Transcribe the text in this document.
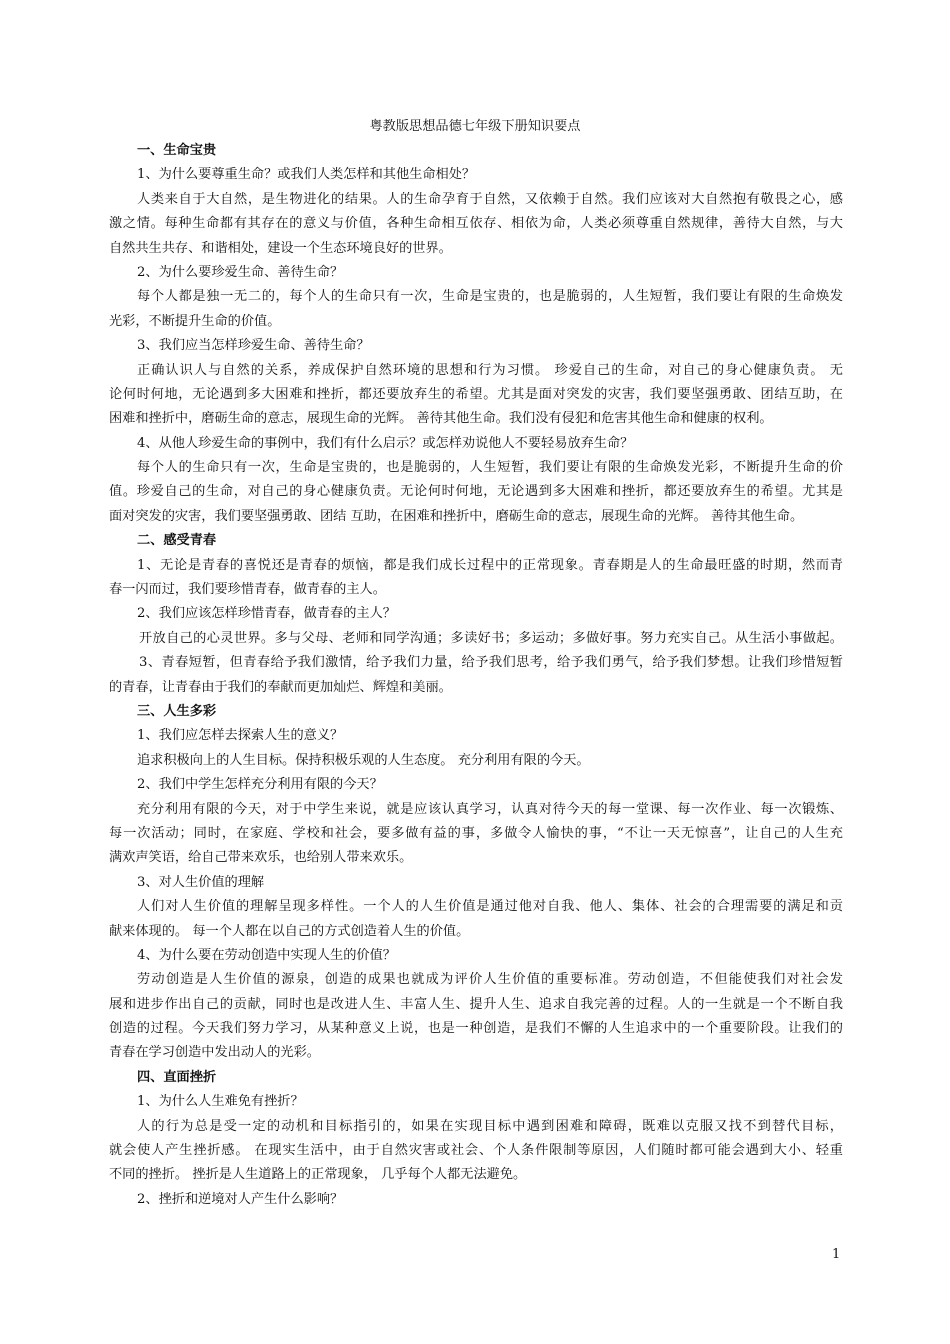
粤教版思想品德七年级下册知识要点
一、生命宝贵
1、为什么要尊重生命？或我们人类怎样和其他生命相处？
人类来自于大自然，是生物进化的结果。人的生命孕育于自然，又依赖于自然。我们应该对大自然抱有敬畏之心，感
激之情。每种生命都有其存在的意义与价值，各种生命相互依存、相依为命，人类必须尊重自然规律，善待大自然，与大
自然共生共存、和谐相处，建设一个生态环境良好的世界。
2、为什么要珍爱生命、善待生命？
每个人都是独一无二的，每个人的生命只有一次，生命是宝贵的，也是脆弱的，人生短暂，我们要让有限的生命焕发
光彩，不断提升生命的价值。
3、我们应当怎样珍爱生命、善待生命？
正确认识人与自然的关系，养成保护自然环境的思想和行为习惯。 珍爱自己的生命，对自己的身心健康负责。 无
论何时何地，无论遇到多大困难和挫折，都还要放弃生的希望。尤其是面对突发的灾害，我们要坚强勇敢、团结互助，在
困难和挫折中，磨砺生命的意志，展现生命的光辉。 善待其他生命。我们没有侵犯和危害其他生命和健康的权利。
4、从他人珍爱生命的事例中，我们有什么启示？或怎样劝说他人不要轻易放弃生命？
每个人的生命只有一次，生命是宝贵的，也是脆弱的，人生短暂，我们要让有限的生命焕发光彩，不断提升生命的价
值。珍爱自己的生命，对自己的身心健康负责。无论何时何地，无论遇到多大困难和挫折，都还要放弃生的希望。尤其是
面对突发的灾害，我们要坚强勇敢、团结 互助，在困难和挫折中，磨砺生命的意志，展现生命的光辉。 善待其他生命。
二、感受青春
1、无论是青春的喜悦还是青春的烦恼，都是我们成长过程中的正常现象。青春期是人的生命最旺盛的时期，然而青
春一闪而过，我们要珍惜青春，做青春的主人。
2、我们应该怎样珍惜青春，做青春的主人？
开放自己的心灵世界。多与父母、老师和同学沟通；多读好书；多运动；多做好事。努力充实自己。从生活小事做起。
3、青春短暂，但青春给予我们激情，给予我们力量，给予我们思考，给予我们勇气，给予我们梦想。让我们珍惜短暂
的青春，让青春由于我们的奉献而更加灿烂、辉煌和美丽。
三、人生多彩
1、我们应怎样去探索人生的意义？
追求积极向上的人生目标。保持积极乐观的人生态度。 充分利用有限的今天。
2、我们中学生怎样充分利用有限的今天？
充分利用有限的今天，对于中学生来说，就是应该认真学习，认真对待今天的每一堂课、每一次作业、每一次锻炼、
每一次活动；同时，在家庭、学校和社会，要多做有益的事，多做令人愉快的事，“不让一天无惊喜”，让自己的人生充
满欢声笑语，给自己带来欢乐，也给别人带来欢乐。
3、对人生价值的理解
人们对人生价值的理解呈现多样性。一个人的人生价值是通过他对自我、他人、集体、社会的合理需要的满足和贡
献来体现的。 每一个人都在以自己的方式创造着人生的价值。
4、为什么要在劳动创造中实现人生的价值？
劳动创造是人生价值的源泉，创造的成果也就成为评价人生价值的重要标准。劳动创造，不但能使我们对社会发
展和进步作出自己的贡献，同时也是改进人生、丰富人生、提升人生、追求自我完善的过程。人的一生就是一个不断自我
创造的过程。今天我们努力学习，从某种意义上说，也是一种创造，是我们不懈的人生追求中的一个重要阶段。让我们的
青春在学习创造中发出动人的光彩。
四、直面挫折
1、为什么人生难免有挫折？
人的行为总是受一定的动机和目标指引的，如果在实现目标中遇到困难和障碍，既难以克服又找不到替代目标，
就会使人产生挫折感。 在现实生活中，由于自然灾害或社会、个人条件限制等原因，人们随时都可能会遇到大小、轻重
不同的挫折。 挫折是人生道路上的正常现象， 几乎每个人都无法避免。
2、挫折和逆境对人产生什么影响？
1
